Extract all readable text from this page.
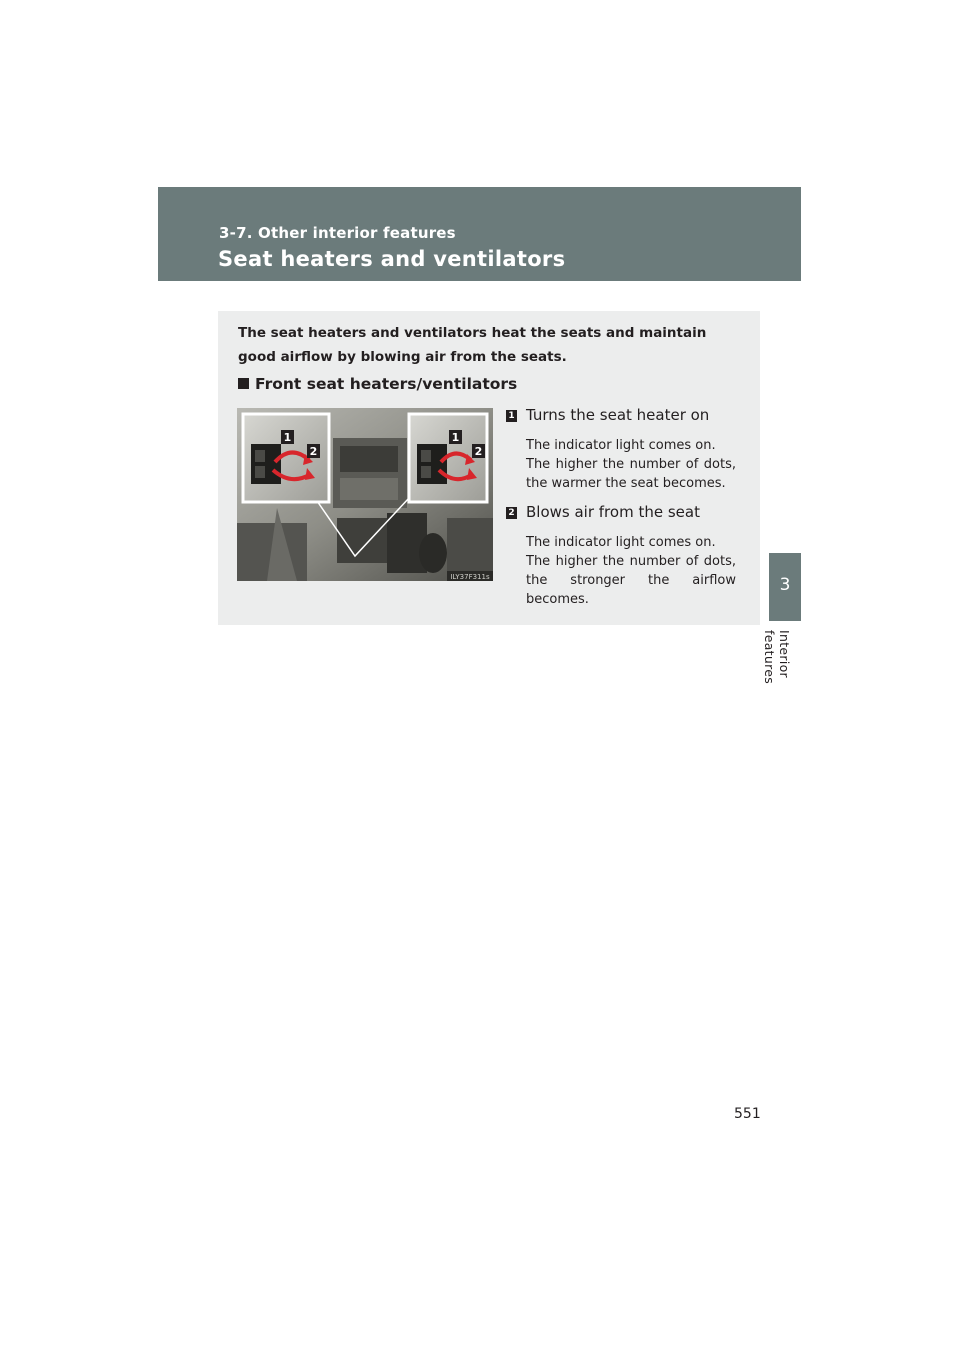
3-7. Other interior features
Seat heaters and ventilators
3
Interior features
The seat heaters and ventilators heat the seats and maintain good airflow by blowing air from the seats.
Front seat heaters/ventilators
1
2
1
2
ILY37F311s
1 Turns the seat heater on
The indicator light comes on.
The higher the number of dots, the warmer the seat becomes.
2 Blows air from the seat
The indicator light comes on.
The higher the number of dots, the stronger the airflow becomes.
551
